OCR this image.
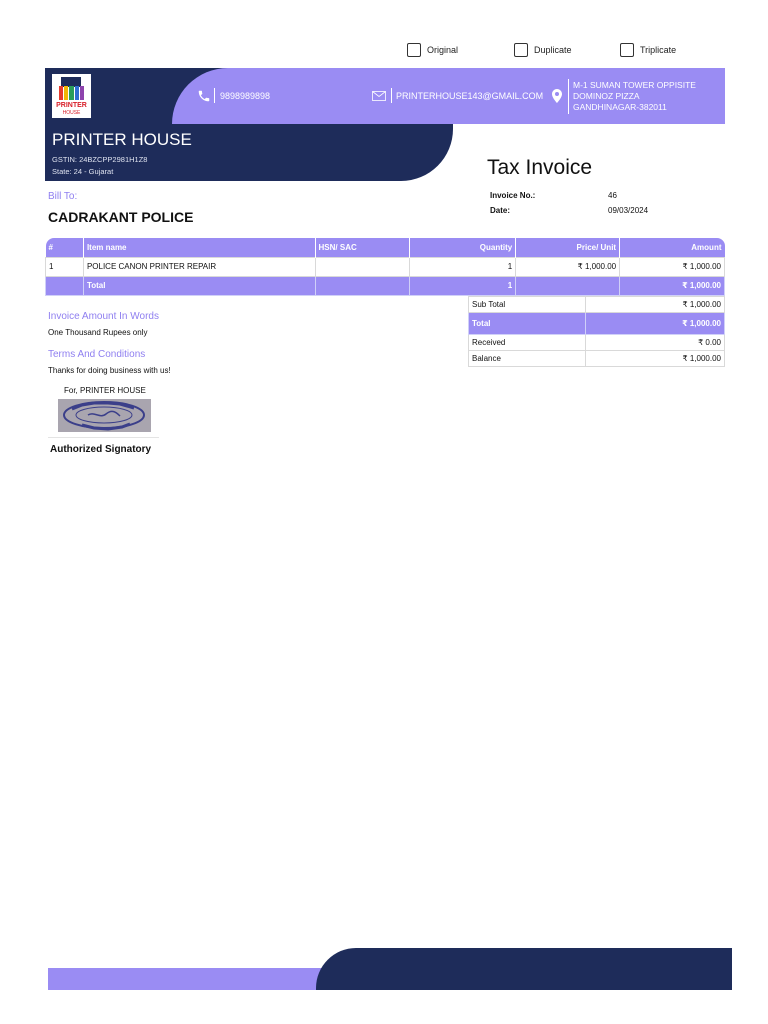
Original	Duplicate	Triplicate
PRINTER
HOUSE
PRINTER HOUSE
GSTIN: 24BZCPP2981H1Z8
State: 24 - Gujarat
9898989898	PRINTERHOUSE143@GMAIL.COM
M-1 SUMAN TOWER OPPISITE
DOMINOZ PIZZA
GANDHINAGAR-382011
Tax Invoice
Invoice No.:	46
Date:	09/03/2024
Bill To:
CADRAKANT POLICE
#	Item name	HSN/ SAC	Quantity	Price/ Unit	Amount
1	POLICE CANON PRINTER REPAIR		1	₹ 1,000.00	₹ 1,000.00
	Total		1		₹ 1,000.00
Invoice Amount In Words
One Thousand Rupees only
Terms And Conditions
Thanks for doing business with us!
For, PRINTER HOUSE
Authorized Signatory
Sub Total	₹ 1,000.00
Total	₹ 1,000.00
Received	₹ 0.00
Balance	₹ 1,000.00
